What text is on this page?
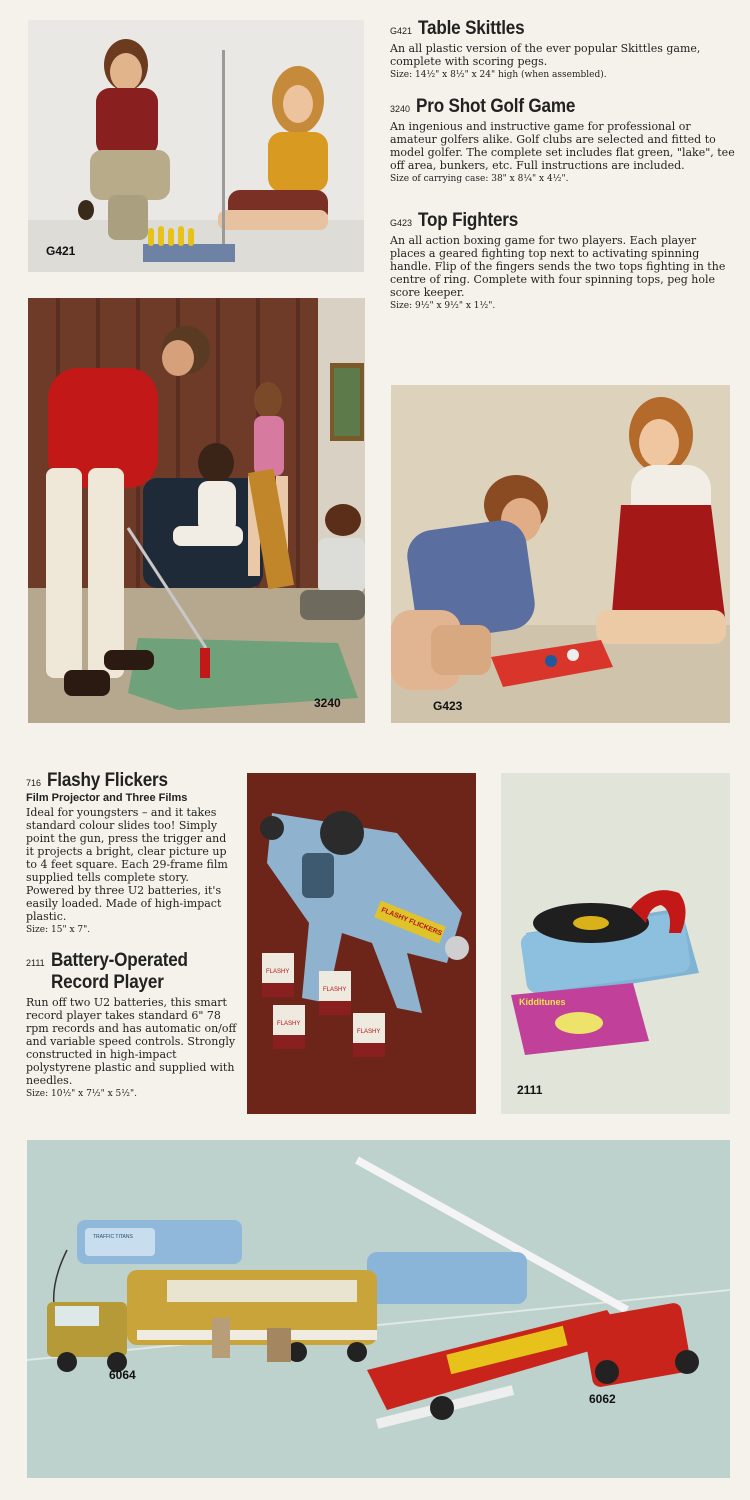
G421
G421 Table Skittles

An all plastic version of the ever popular Skittles game, complete with scoring pegs.

Size: 14½" x 8½" x 24" high (when assembled).

3240 Pro Shot Golf Game

An ingenious and instructive game for professional or amateur golfers alike. Golf clubs are selected and fitted to model golfer. The complete set includes flat green, "lake", tee off area, bunkers, etc. Full instructions are included.

Size of carrying case: 38" x 8¼" x 4½".

G423 Top Fighters

An all action boxing game for two players. Each player places a geared fighting top next to activating spinning handle. Flip of the fingers sends the two tops fighting in the centre of ring. Complete with four spinning tops, peg hole score keeper.

Size: 9½" x 9½" x 1½".

3240	G423
716 Flashy Flickers

Film Projector and Three Films

Ideal for youngsters – and it takes standard colour slides too! Simply point the gun, press the trigger and it projects a bright, clear picture up to 4 feet square. Each 29-frame film supplied tells complete story. Powered by three U2 batteries, it's easily loaded. Made of high-impact plastic.

Size: 15" x 7".

2111 Battery-Operated Record Player

Run off two U2 batteries, this smart record player takes standard 6" 78 rpm records and has automatic on/off and variable speed controls. Strongly constructed in high-impact polystyrene plastic and supplied with needles.

Size: 10½" x 7½" x 5½".

FLASHY FLICKERS
FLASHY
FLASHY
FLASHY
FLASHY
Kidditunes
2111
TRAFFIC TITANS
6064
6062
